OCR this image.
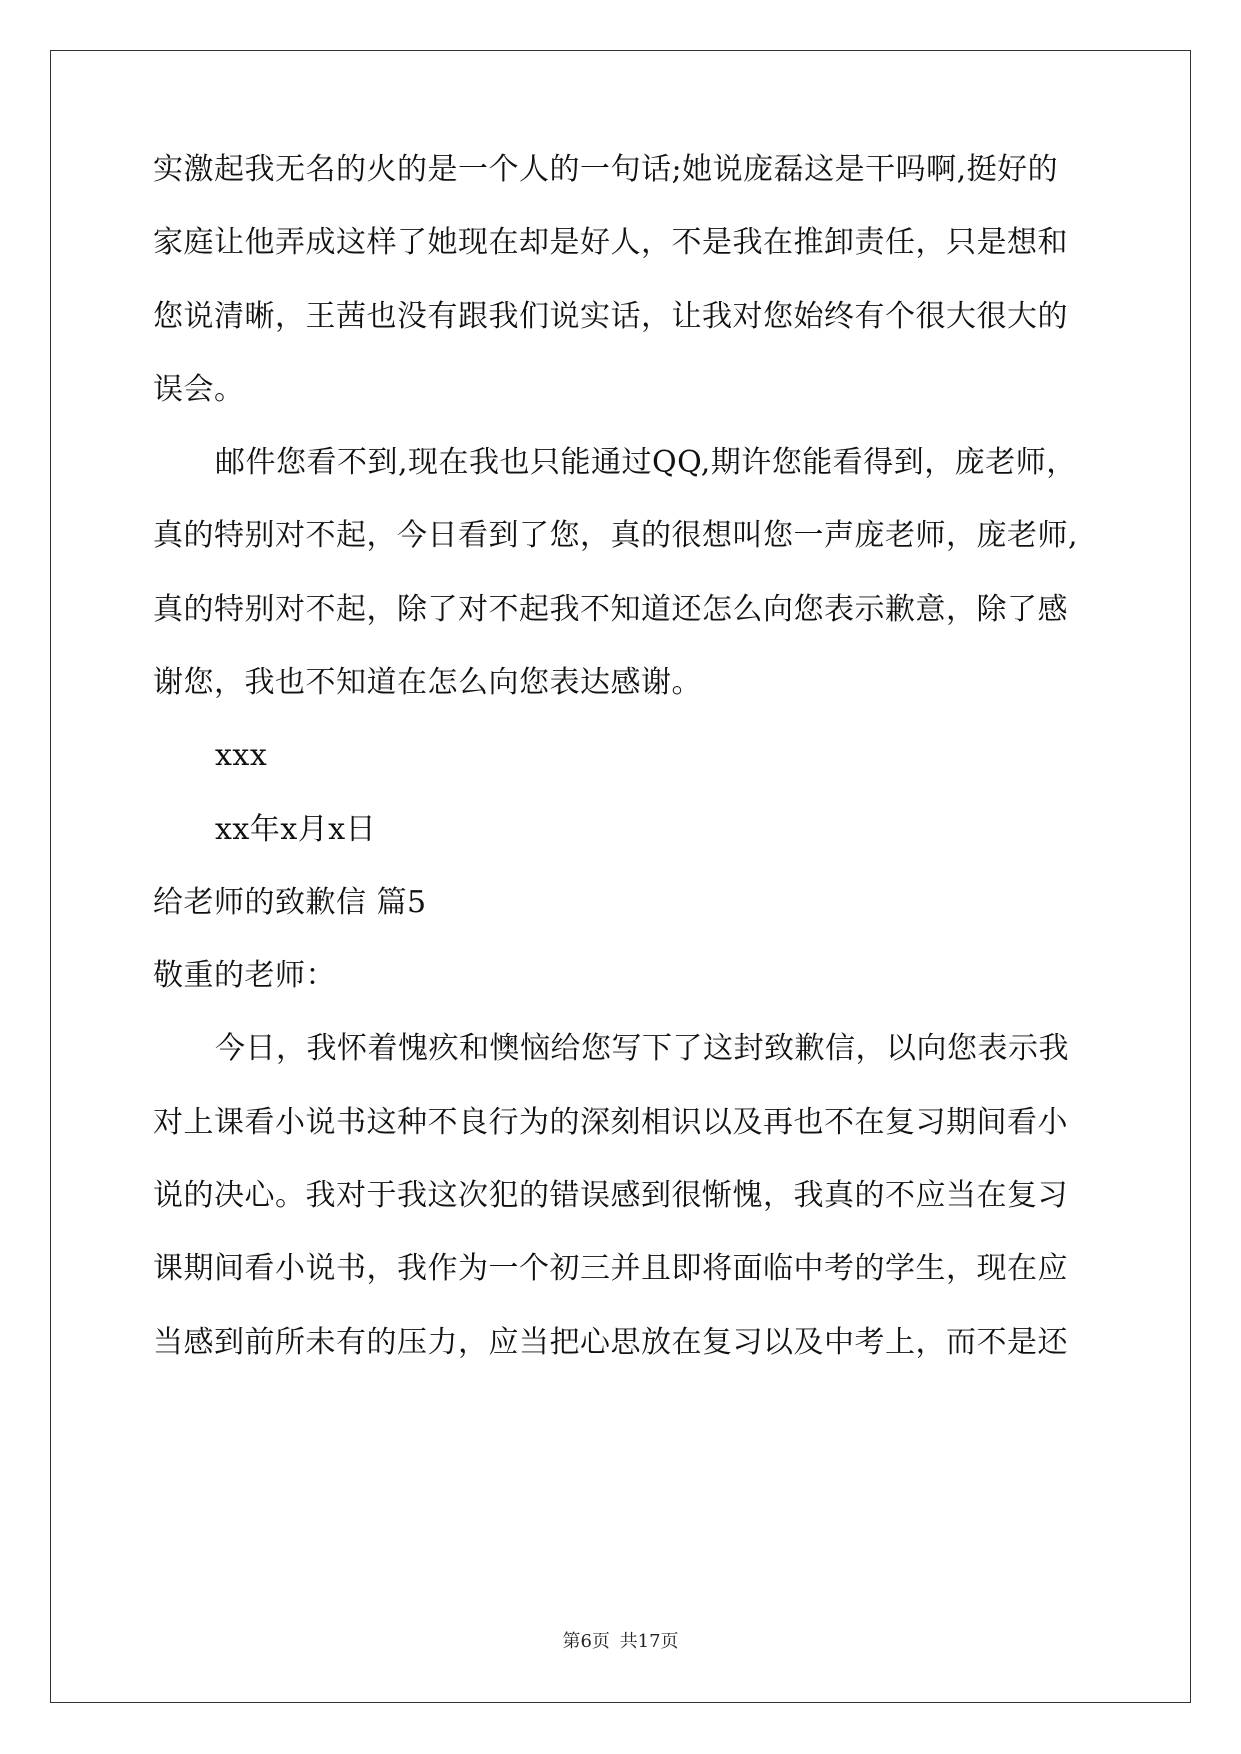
实激起我无名的火的是一个人的一句话;她说庞磊这是干吗啊,挺好的
家庭让他弄成这样了她现在却是好人，不是我在推卸责任，只是想和
您说清晰，王茜也没有跟我们说实话，让我对您始终有个很大很大的
误会。
邮件您看不到,现在我也只能通过QQ,期许您能看得到，庞老师，
真的特别对不起，今日看到了您，真的很想叫您一声庞老师，庞老师,
真的特别对不起，除了对不起我不知道还怎么向您表示歉意，除了感
谢您，我也不知道在怎么向您表达感谢。
xxx
xx年x月x日
给老师的致歉信 篇5
敬重的老师：
今日，我怀着愧疚和懊恼给您写下了这封致歉信，以向您表示我
对上课看小说书这种不良行为的深刻相识以及再也不在复习期间看小
说的决心。我对于我这次犯的错误感到很惭愧，我真的不应当在复习
课期间看小说书，我作为一个初三并且即将面临中考的学生，现在应
当感到前所未有的压力，应当把心思放在复习以及中考上，而不是还
第6页 共17页
